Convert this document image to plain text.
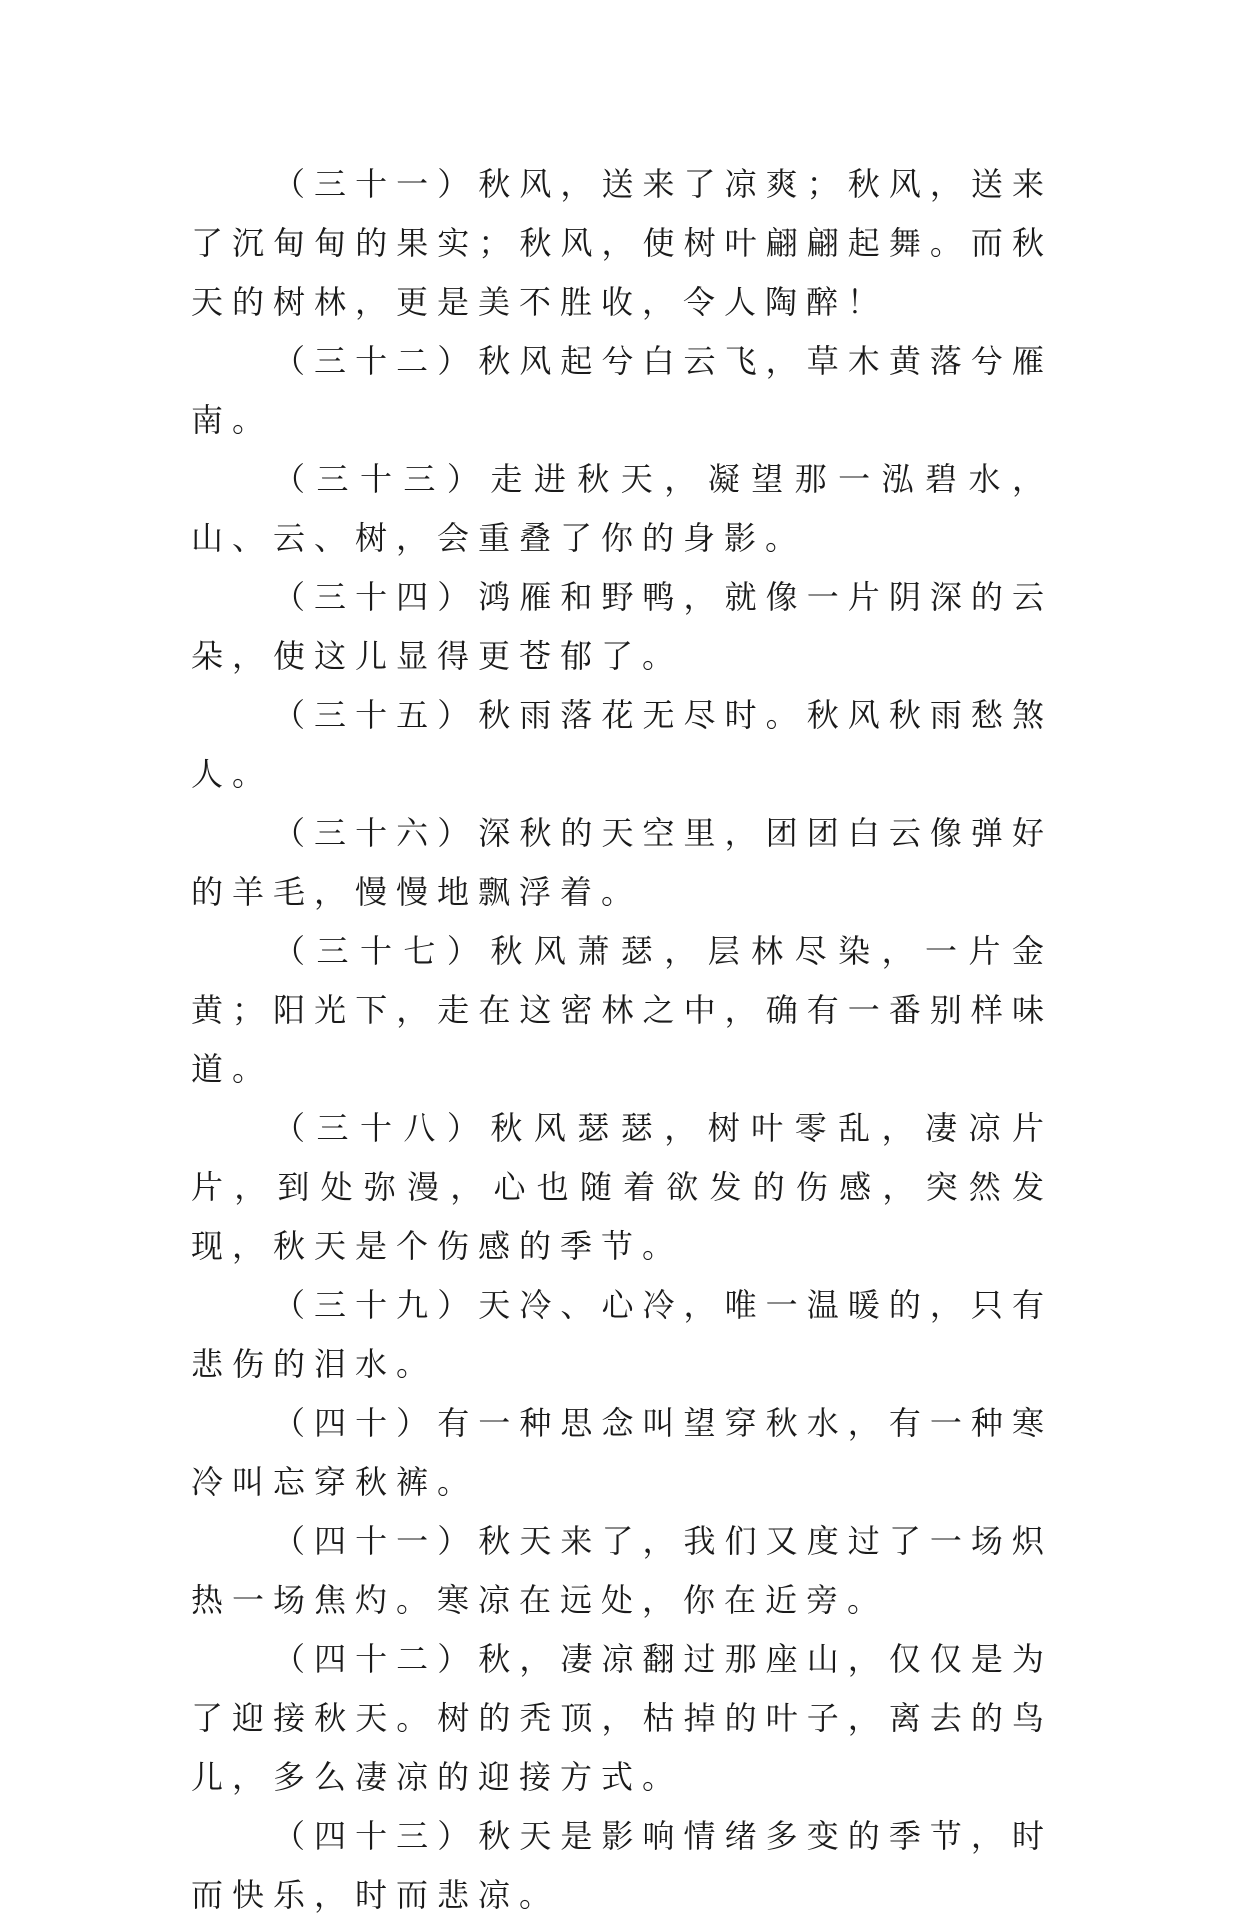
（三十一）秋风，送来了凉爽；秋风，送来了沉甸甸的果实；秋风，使树叶翩翩起舞。而秋天的树林，更是美不胜收，令人陶醉！

（三十二）秋风起兮白云飞，草木黄落兮雁南。

（三十三）走进秋天，凝望那一泓碧水，山、云、树，会重叠了你的身影。

（三十四）鸿雁和野鸭，就像一片阴深的云朵，使这儿显得更苍郁了。

（三十五）秋雨落花无尽时。秋风秋雨愁煞人。

（三十六）深秋的天空里，团团白云像弹好的羊毛，慢慢地飘浮着。

（三十七）秋风萧瑟，层林尽染，一片金黄；阳光下，走在这密林之中，确有一番别样味道。

（三十八）秋风瑟瑟，树叶零乱，凄凉片片，到处弥漫，心也随着欲发的伤感，突然发现，秋天是个伤感的季节。

（三十九）天冷、心冷，唯一温暖的，只有悲伤的泪水。

（四十）有一种思念叫望穿秋水，有一种寒冷叫忘穿秋裤。

（四十一）秋天来了，我们又度过了一场炽热一场焦灼。寒凉在远处，你在近旁。

（四十二）秋，凄凉翻过那座山，仅仅是为了迎接秋天。树的秃顶，枯掉的叶子，离去的鸟儿，多么凄凉的迎接方式。

（四十三）秋天是影响情绪多变的季节，时而快乐，时而悲凉。
